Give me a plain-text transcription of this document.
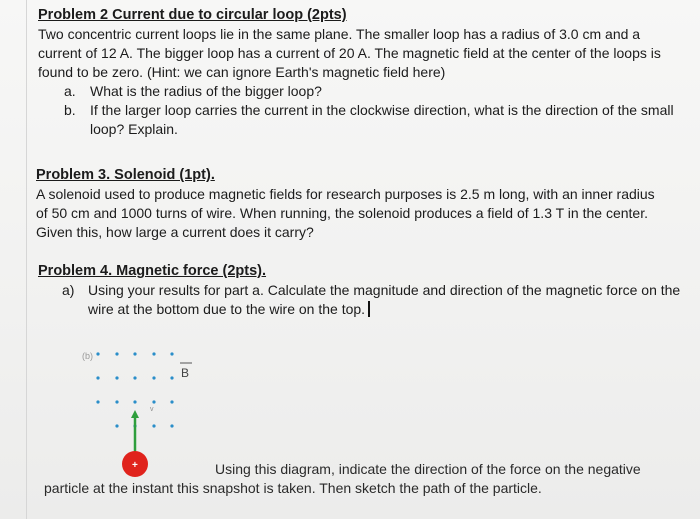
Problem 2 Current due to circular loop (2pts)
Two concentric current loops lie in the same plane. The smaller loop has a radius of 3.0 cm and a current of 12 A. The bigger loop has a current of 20 A. The magnetic field at the center of the loops is found to be zero. (Hint: we can ignore Earth's magnetic field here)
a. What is the radius of the bigger loop?
b. If the larger loop carries the current in the clockwise direction, what is the direction of the small loop? Explain.
Problem 3. Solenoid (1pt).
A solenoid used to produce magnetic fields for research purposes is 2.5 m long, with an inner radius of 50 cm and 1000 turns of wire. When running, the solenoid produces a field of 1.3 T in the center. Given this, how large a current does it carry?
Problem 4. Magnetic force (2pts).
a) Using your results for part a. Calculate the magnitude and direction of the magnetic force on the wire at the bottom due to the wire on the top.
(b)
v
B
+	Using this diagram, indicate the direction of the force on the negative particle at the instant this snapshot is taken. Then sketch the path of the particle.
